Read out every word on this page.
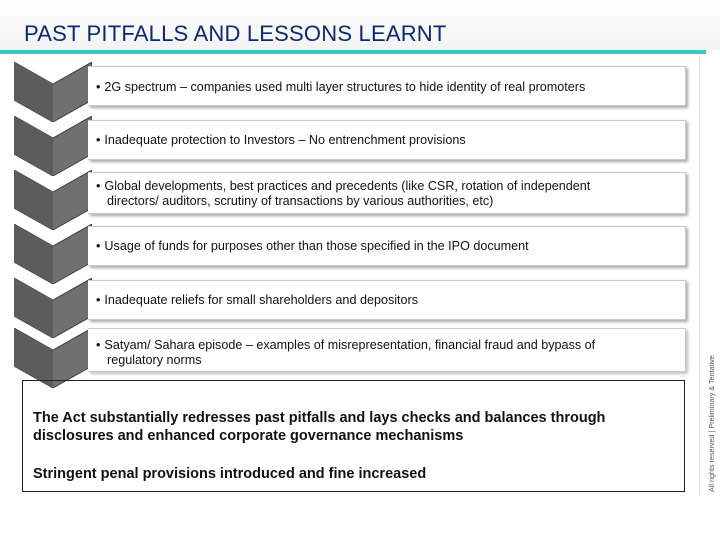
PAST PITFALLS AND LESSONS LEARNT
• 2G spectrum – companies used multi layer structures to hide identity of real promoters
• Inadequate protection to Investors – No entrenchment provisions
• Global developments, best practices and precedents (like CSR, rotation of independent
directors/ auditors, scrutiny of transactions by various authorities, etc)
• Usage of funds for purposes other than those specified in the IPO document
• Inadequate reliefs for small shareholders and depositors
• Satyam/ Sahara episode – examples of misrepresentation, financial fraud and bypass of
regulatory norms

The Act substantially redresses past pitfalls and lays checks and balances through disclosures and enhanced corporate governance mechanisms

Stringent penal provisions introduced and fine increased	All rights reserved | Preliminary & Tentative
